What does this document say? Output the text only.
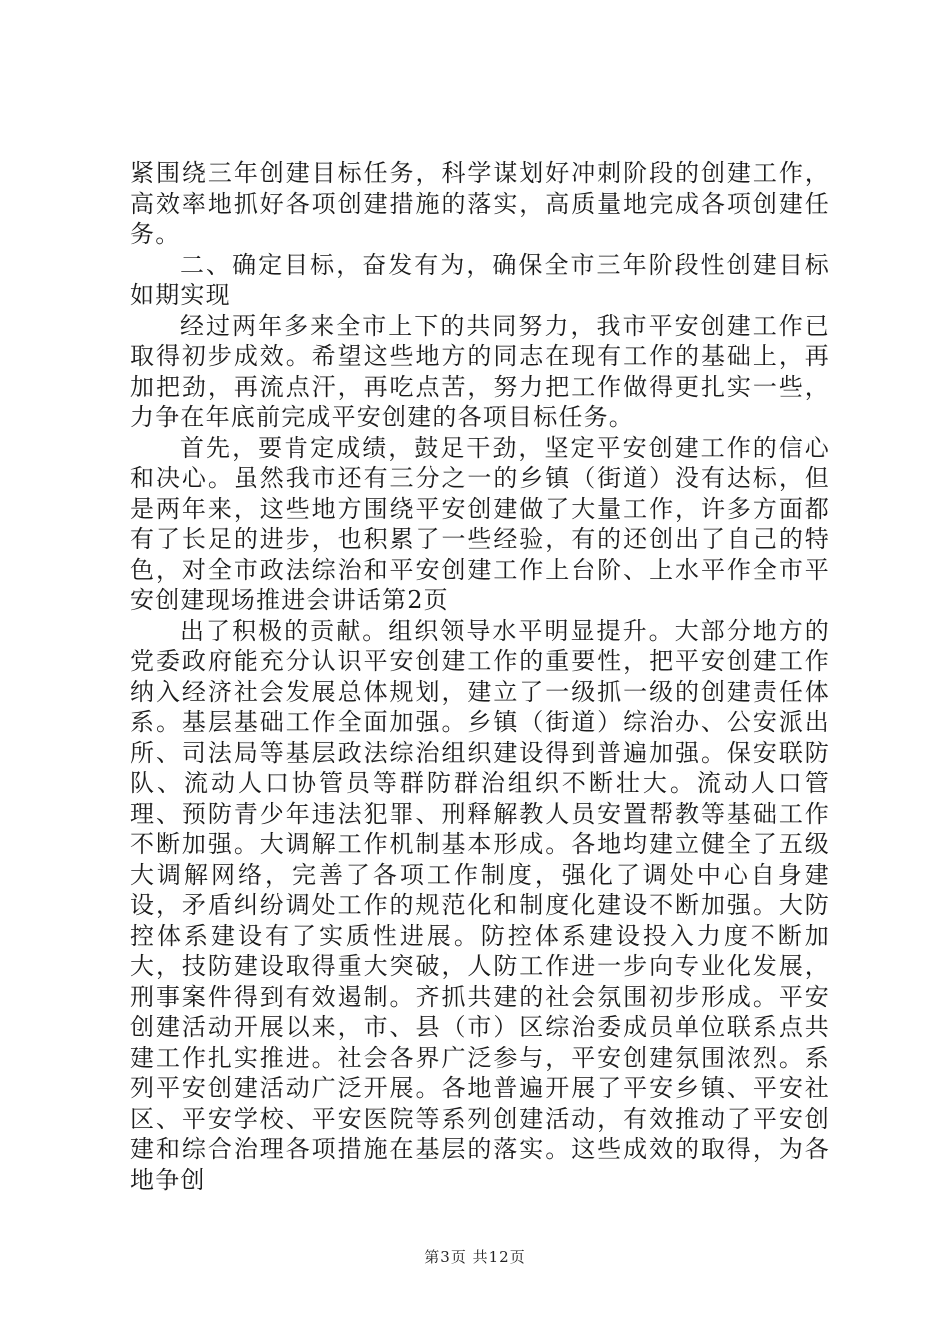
紧围绕三年创建目标任务，科学谋划好冲刺阶段的创建工作，高效率地抓好各项创建措施的落实，高质量地完成各项创建任务。

二、确定目标，奋发有为，确保全市三年阶段性创建目标如期实现

经过两年多来全市上下的共同努力，我市平安创建工作已取得初步成效。希望这些地方的同志在现有工作的基础上，再加把劲，再流点汗，再吃点苦，努力把工作做得更扎实一些，力争在年底前完成平安创建的各项目标任务。

首先，要肯定成绩，鼓足干劲，坚定平安创建工作的信心和决心。虽然我市还有三分之一的乡镇（街道）没有达标，但是两年来，这些地方围绕平安创建做了大量工作，许多方面都有了长足的进步，也积累了一些经验，有的还创出了自己的特色，对全市政法综治和平安创建工作上台阶、上水平作全市平安创建现场推进会讲话第2页

出了积极的贡献。组织领导水平明显提升。大部分地方的党委政府能充分认识平安创建工作的重要性，把平安创建工作纳入经济社会发展总体规划，建立了一级抓一级的创建责任体系。基层基础工作全面加强。乡镇（街道）综治办、公安派出所、司法局等基层政法综治组织建设得到普遍加强。保安联防队、流动人口协管员等群防群治组织不断壮大。流动人口管理、预防青少年违法犯罪、刑释解教人员安置帮教等基础工作不断加强。大调解工作机制基本形成。各地均建立健全了五级大调解网络，完善了各项工作制度，强化了调处中心自身建设，矛盾纠纷调处工作的规范化和制度化建设不断加强。大防控体系建设有了实质性进展。防控体系建设投入力度不断加大，技防建设取得重大突破，人防工作进一步向专业化发展，刑事案件得到有效遏制。齐抓共建的社会氛围初步形成。平安创建活动开展以来，市、县（市）区综治委成员单位联系点共建工作扎实推进。社会各界广泛参与，平安创建氛围浓烈。系列平安创建活动广泛开展。各地普遍开展了平安乡镇、平安社区、平安学校、平安医院等系列创建活动，有效推动了平安创建和综合治理各项措施在基层的落实。这些成效的取得，为各地争创

第3页 共12页
